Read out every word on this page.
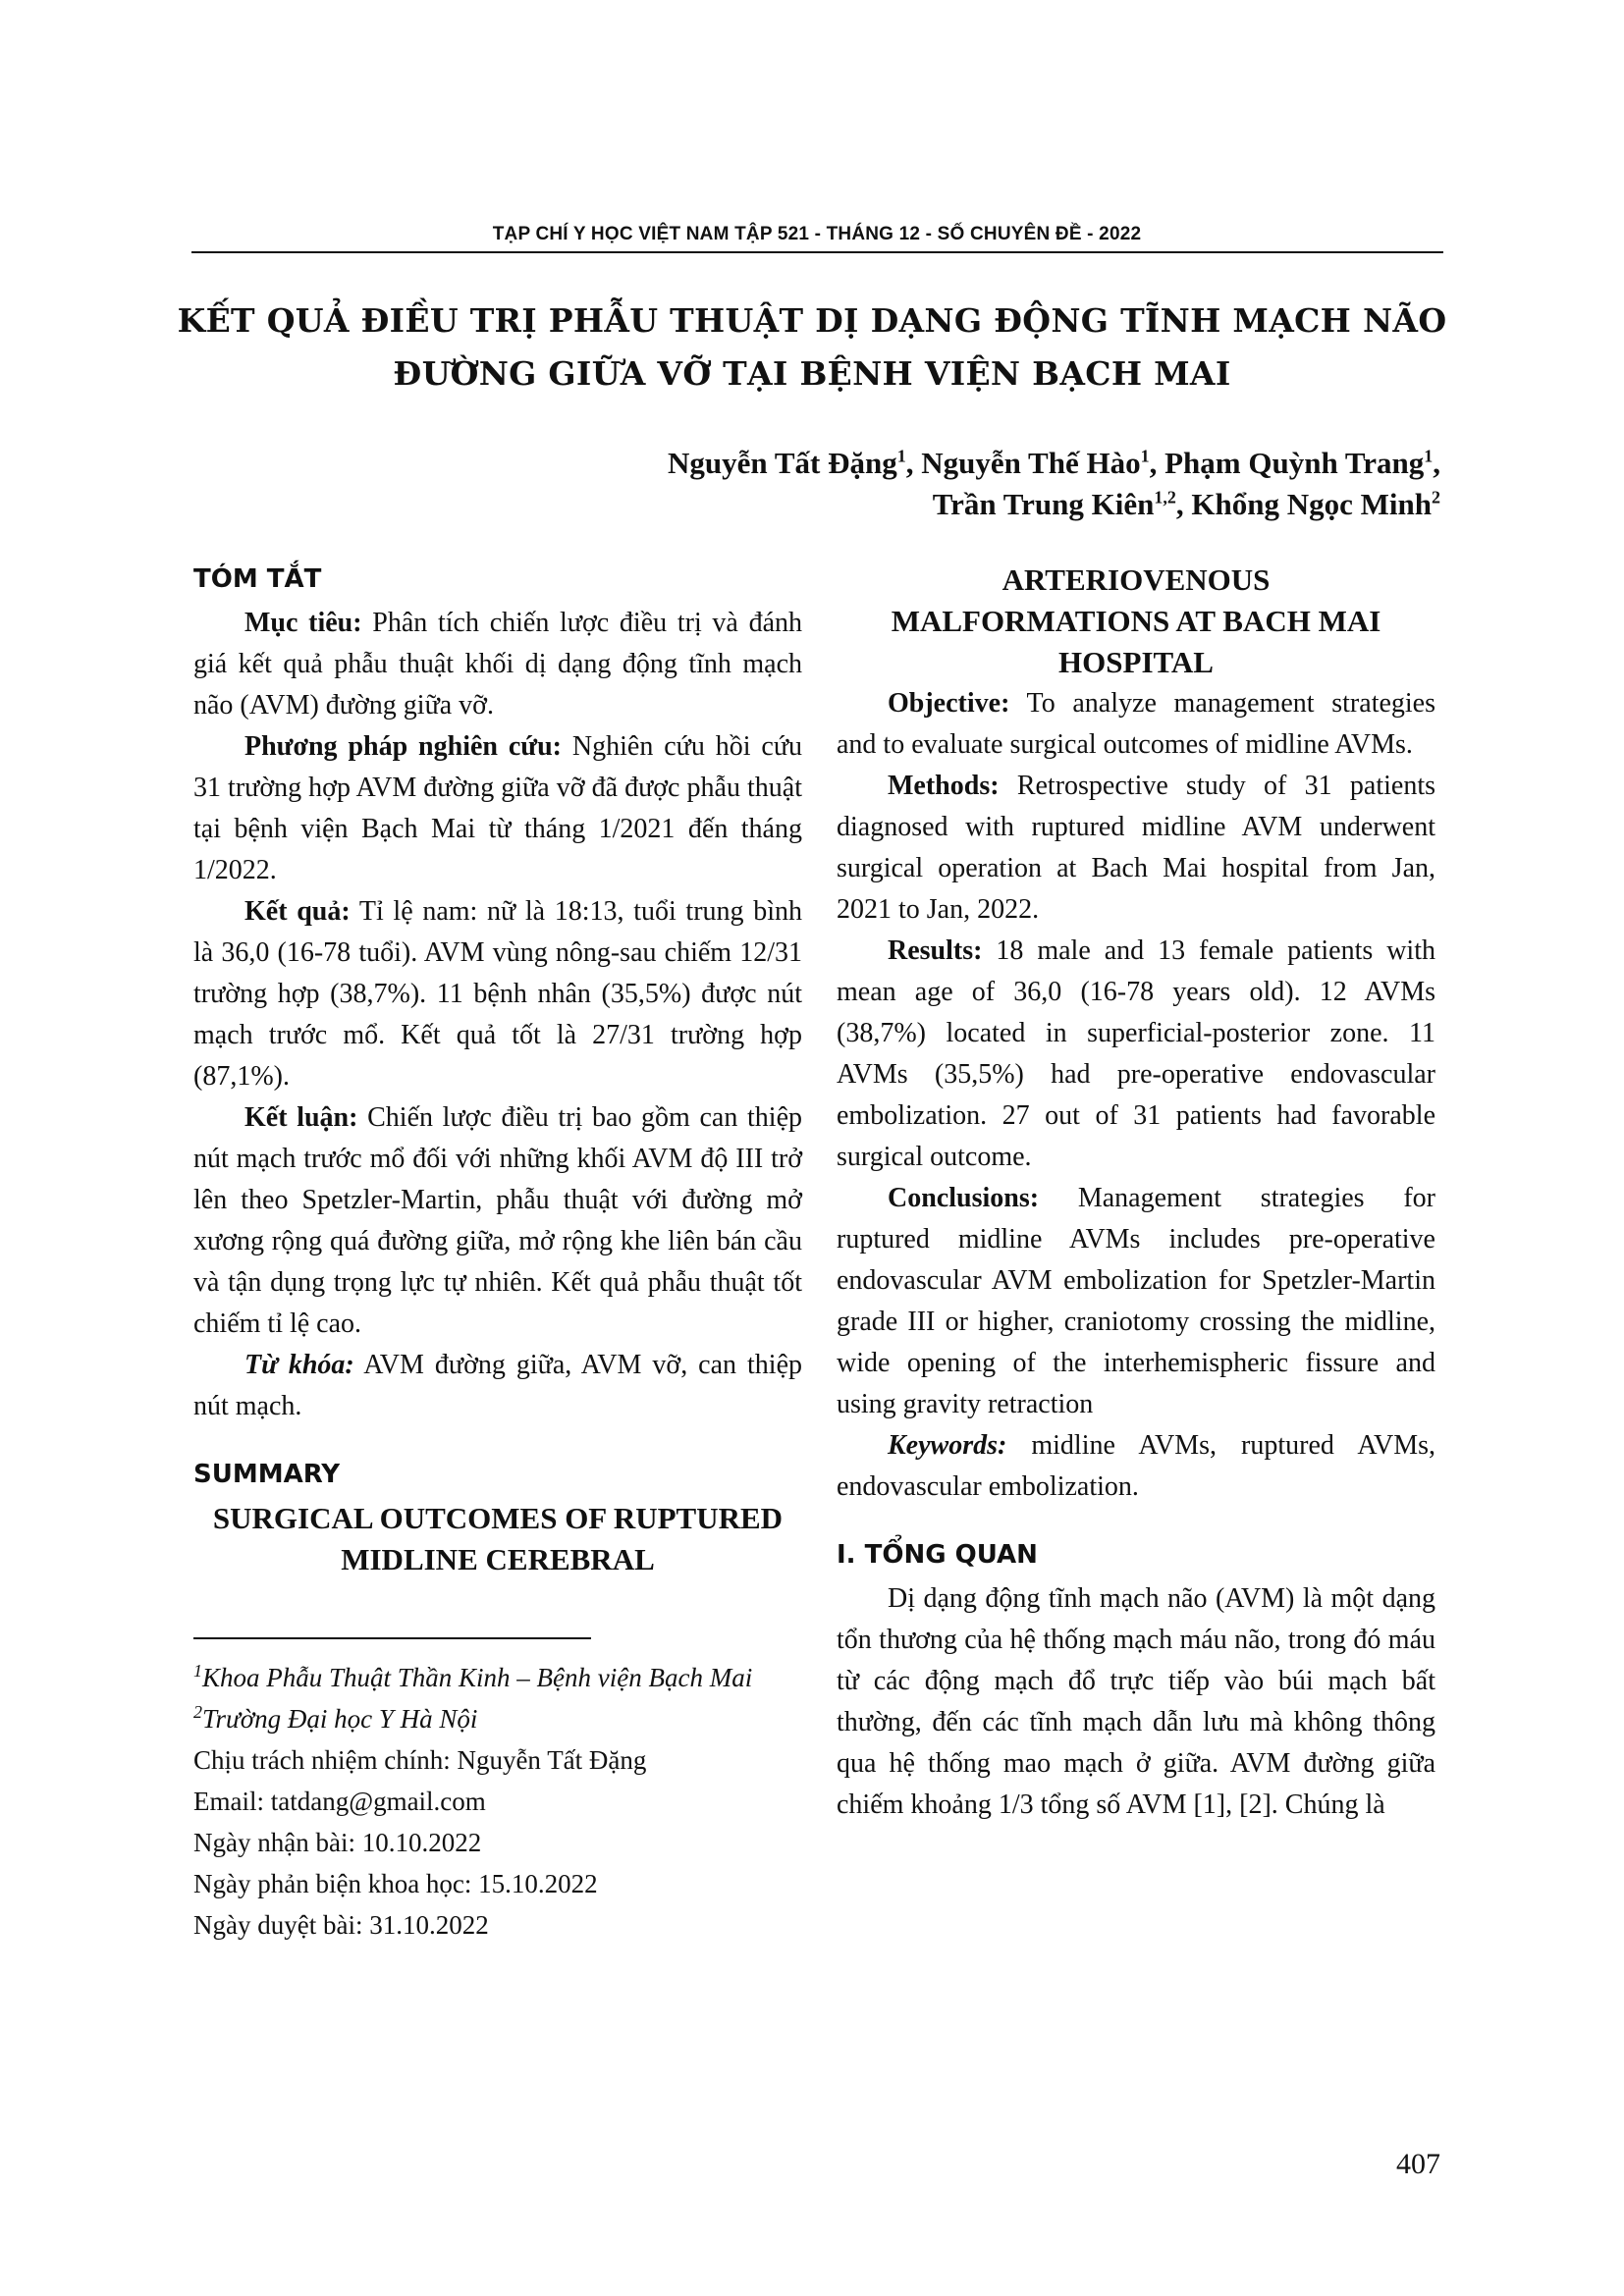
TẠP CHÍ Y HỌC VIỆT NAM TẬP 521 - THÁNG 12 - SỐ CHUYÊN ĐỀ - 2022
KẾT QUẢ ĐIỀU TRỊ PHẪU THUẬT DỊ DẠNG ĐỘNG TĨNH MẠCH NÃO
ĐƯỜNG GIỮA VỠ TẠI BỆNH VIỆN BẠCH MAI
Nguyễn Tất Đặng$^1$, Nguyễn Thế Hào$^1$, Phạm Quỳnh Trang$^1$,
Trần Trung Kiên$^{1,2}$, Khổng Ngọc Minh$^2$
TÓM TẮT

Mục tiêu: Phân tích chiến lược điều trị và đánh giá kết quả phẫu thuật khối dị dạng động tĩnh mạch não (AVM) đường giữa vỡ.

Phương pháp nghiên cứu: Nghiên cứu hồi cứu 31 trường hợp AVM đường giữa vỡ đã được phẫu thuật tại bệnh viện Bạch Mai từ tháng 1/2021 đến tháng 1/2022.

Kết quả: Tỉ lệ nam: nữ là 18:13, tuổi trung bình là 36,0 (16-78 tuổi). AVM vùng nông-sau chiếm 12/31 trường hợp (38,7%). 11 bệnh nhân (35,5%) được nút mạch trước mổ. Kết quả tốt là 27/31 trường hợp (87,1%).

Kết luận: Chiến lược điều trị bao gồm can thiệp nút mạch trước mổ đối với những khối AVM độ III trở lên theo Spetzler-Martin, phẫu thuật với đường mở xương rộng quá đường giữa, mở rộng khe liên bán cầu và tận dụng trọng lực tự nhiên. Kết quả phẫu thuật tốt chiếm tỉ lệ cao.

Từ khóa: AVM đường giữa, AVM vỡ, can thiệp nút mạch.

SUMMARY

SURGICAL OUTCOMES OF RUPTURED MIDLINE CEREBRAL

ARTERIOVENOUS MALFORMATIONS AT BACH MAI HOSPITAL

Objective: To analyze management strategies and to evaluate surgical outcomes of midline AVMs.

Methods: Retrospective study of 31 patients diagnosed with ruptured midline AVM underwent surgical operation at Bach Mai hospital from Jan, 2021 to Jan, 2022.

Results: 18 male and 13 female patients with mean age of 36,0 (16-78 years old). 12 AVMs (38,7%) located in superficial-posterior zone. 11 AVMs (35,5%) had pre-operative endovascular embolization. 27 out of 31 patients had favorable surgical outcome.

Conclusions: Management strategies for ruptured midline AVMs includes pre-operative endovascular AVM embolization for Spetzler-Martin grade III or higher, craniotomy crossing the midline, wide opening of the interhemispheric fissure and using gravity retraction

Keywords: midline AVMs, ruptured AVMs, endovascular embolization.

I. TỔNG QUAN

Dị dạng động tĩnh mạch não (AVM) là một dạng tổn thương của hệ thống mạch máu não, trong đó máu từ các động mạch đổ trực tiếp vào búi mạch bất thường, đến các tĩnh mạch dẫn lưu mà không thông qua hệ thống mao mạch ở giữa. AVM đường giữa chiếm khoảng 1/3 tổng số AVM [1], [2]. Chúng là

$^1$Khoa Phẫu Thuật Thần Kinh – Bệnh viện Bạch Mai

$^2$Trường Đại học Y Hà Nội

Chịu trách nhiệm chính: Nguyễn Tất Đặng

Email: tatdang@gmail.com

Ngày nhận bài: 10.10.2022

Ngày phản biện khoa học: 15.10.2022

Ngày duyệt bài: 31.10.2022

407
